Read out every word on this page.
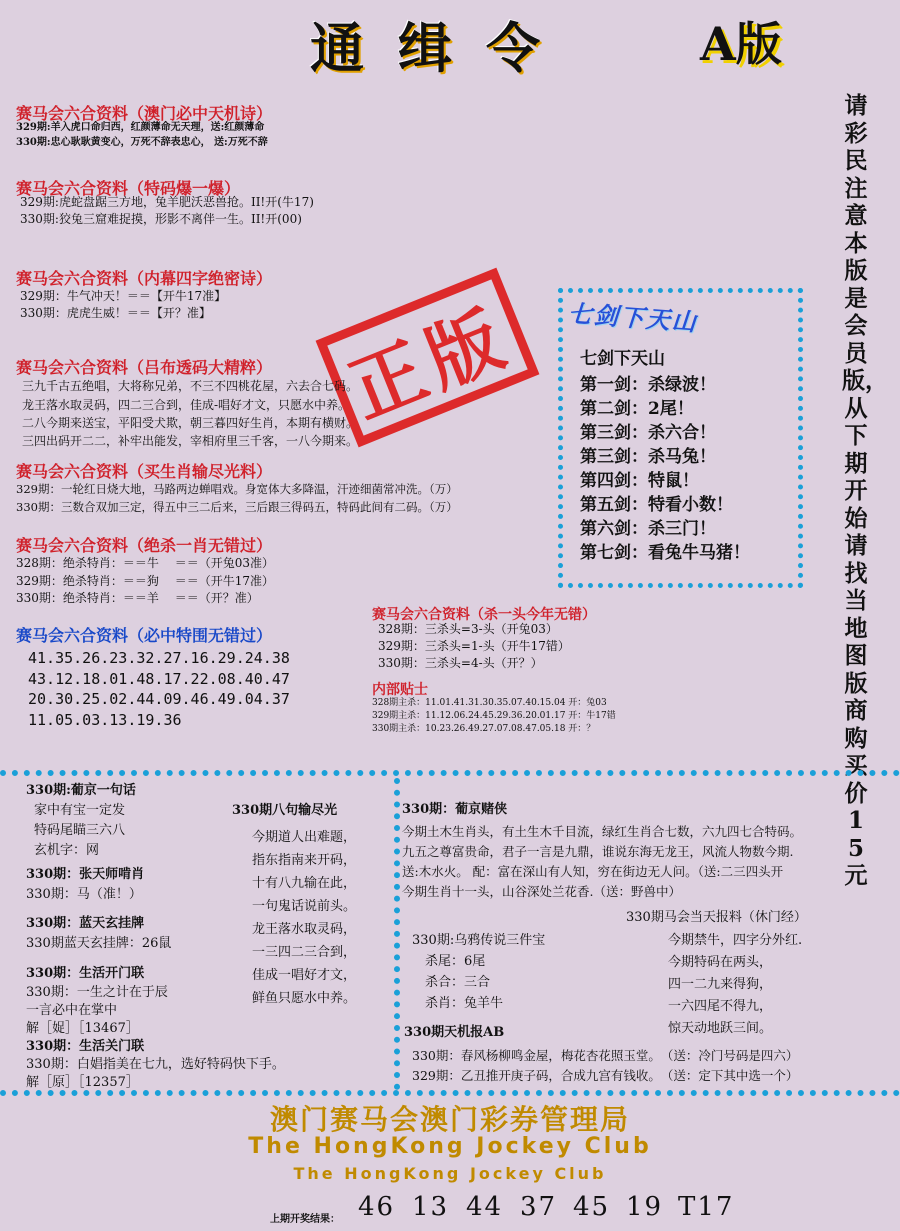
通缉令	A版
请彩民注意本版是会员版，从下期开始请找当地图版商购买价15元
赛马会六合资料（澳门必中天机诗）
329期:羊入虎口命归西，红颜薄命无天理，送:红颜薄命
330期:忠心耿耿黄变心，万死不辞表忠心， 送:万死不辞
赛马会六合资料（特码爆一爆）
329期:虎蛇盘踞三方地，兔羊肥沃恶兽抢。II!开(牛17)
330期:狡兔三窟难捉摸，形影不离伴一生。II!开(00)
赛马会六合资料（内幕四字绝密诗）
329期：牛气冲天！＝＝【开牛17准】
330期：虎虎生威！＝＝【开？准】	正版
赛马会六合资料（吕布透码大精粹）
三九千古五绝唱，大将称兄弟，不三不四桃花屋，六去合七码。
龙王落水取灵码，四二三合到，佳成-唱好才文，只愿水中养。
二八今期来送宝，平阳受犬欺，朝三暮四好生肖，本期有横财。
三四出码开二二，补牢出能发，宰相府里三千客，一八今期来。
赛马会六合资料（买生肖输尽光料）
329期：一轮红日烧大地，马路两边蝉唱戏。身宽体大多降温，汗迹细菌常冲洗。（万）
330期：三数合双加三定，得五中三二后来，三后跟三得码五，特码此间有二码。（万）
赛马会六合资料（绝杀一肖无错过）
328期：绝杀特肖：＝＝牛　 ＝＝（开兔03准）
329期：绝杀特肖：＝＝狗　 ＝＝（开牛17准）
330期：绝杀特肖：＝＝羊　 ＝＝（开？准）
赛马会六合资料（必中特围无错过）
41.35.26.23.32.27.16.29.24.38
43.12.18.01.48.17.22.08.40.47
20.30.25.02.44.09.46.49.04.37
11.05.03.13.19.36
七剑下天山
七剑下天山
第一剑：杀绿波！
第二剑：2尾！
第三剑：杀六合！
第三剑：杀马兔！
第四剑：特鼠！
第五剑：特看小数！
第六剑：杀三门！
第七剑：看兔牛马猪！
赛马会六合资料（杀一头今年无错）
328期：三杀头=3-头（开兔03）
329期：三杀头=1-头（开牛17错）
330期：三杀头=4-头（开？）
内部贴士
328期主杀：11.01.41.31.30.35.07.40.15.04 开：兔03
329期主杀：11.12.06.24.45.29.36.20.01.17 开：牛17错
330期主杀：10.23.26.49.27.07.08.47.05.18 开：？
330期:葡京一句话
家中有宝一定发
特码尾瞄三六八
玄机字：网
330期：张天师啃肖
330期：马（准！）
330期：蓝天玄挂牌
330期蓝天玄挂牌：26鼠
330期：生活开门联
330期：一生之计在于辰
一言必中在掌中
解［娖］［13467］
330期：生活关门联
330期：白娼指美在七九，选好特码快下手。
解［原］［12357］
330期八句输尽光
今期道人出难题，
指东指南来开码，
十有八九输在此，
一句鬼话说前头。
龙王落水取灵码，
一三四二三合到，
佳成一唱好才文，
鲜鱼只愿水中养。
330期：葡京赌侠
今期土木生肖头，有土生木千目流，绿红生肖合七数，六九四七合特码。
九五之尊富贵命，君子一言是九鼎，谁说东海无龙王，风流人物数今期.
送:木水火。 配：富在深山有人知，穷在街边无人问。（送:二三四头开
今期生肖十一头，山谷深处兰花香.（送：野兽中）
330期马会当天报料（休门经）
今期禁牛，四字分外红.
今期特码在两头，
四一二九来得狗，
一六四尾不得九，
惊天动地跃三间。
330期:乌鸦传说三件宝
杀尾：6尾
杀合：三合
杀肖：兔羊牛
330期天机报AB
330期：春风杨柳鸣金屋，梅花杏花照玉堂。　（送：冷门号码是四六）
329期：乙丑推开庚子码，合成九宫有钱收。　（送：定下其中选一个）
澳门赛马会澳门彩券管理局
The HongKong Jockey Club
The HongKong Jockey Club
上期开奖结果： 46 13 44 37 45 19 T17
